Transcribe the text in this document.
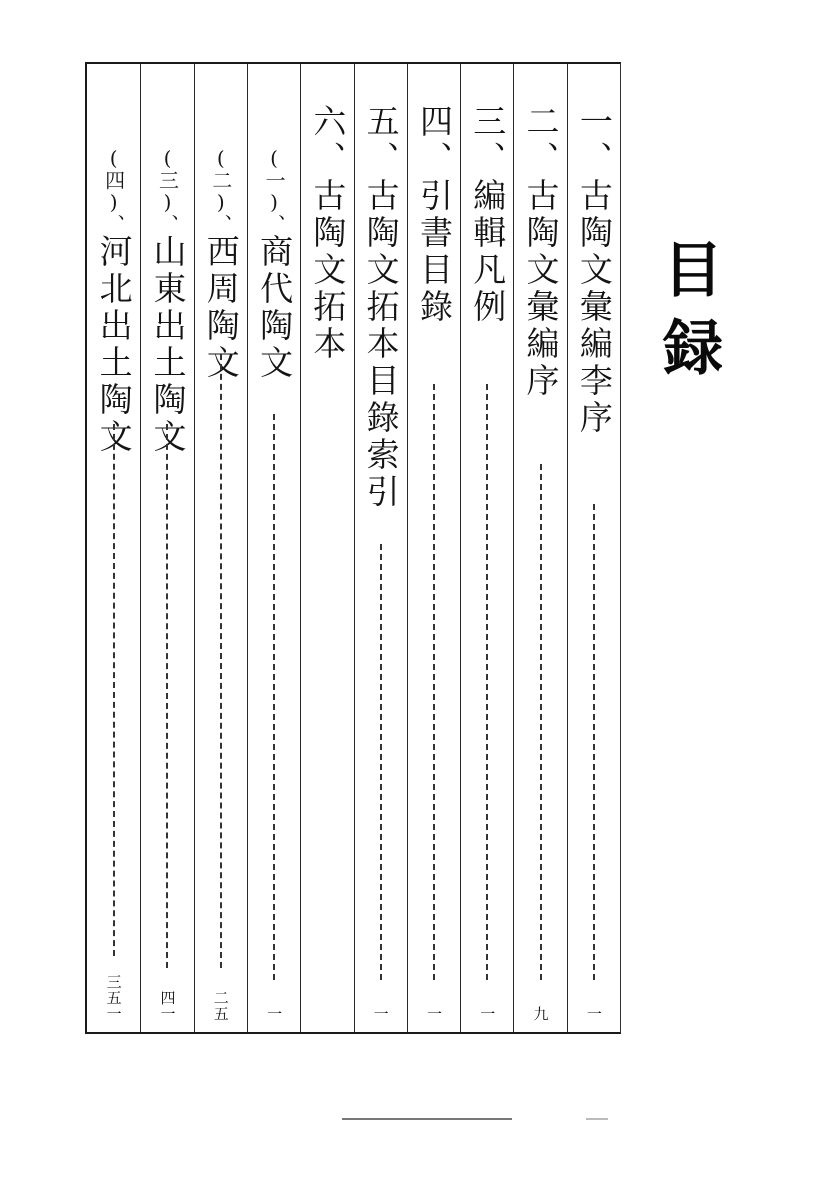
目録
一、古陶文彙編李序
一
二、古陶文彙編序
九
三、編輯凡例
一
四、引書目錄
一
五、古陶文拓本目錄索引
一
六、古陶文拓本
(一)、商代陶文
一
(二)、西周陶文
二五
(三)、山東出土陶文
四一
(四)、河北出土陶文
三五一
